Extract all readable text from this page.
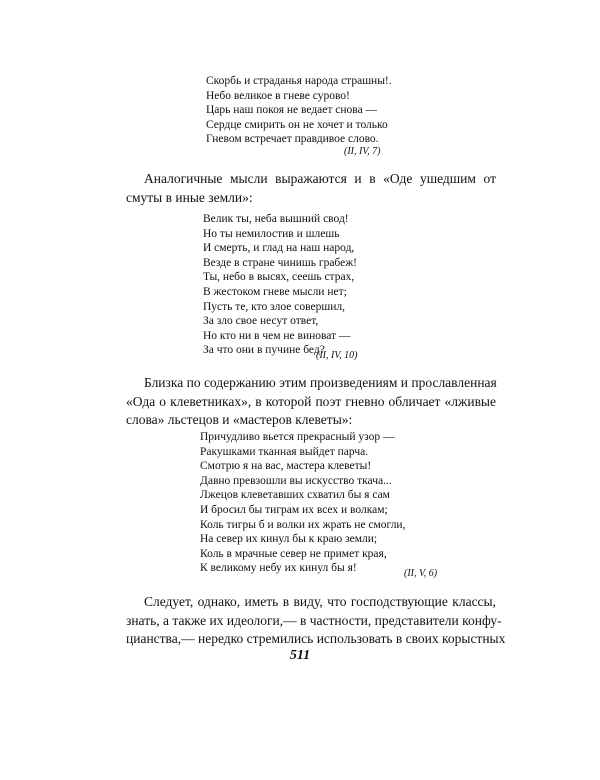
Скорбь и страданья народа страшны!.
Небо великое в гневе сурово!
Царь наш покоя не ведает снова —
Сердце смирить он не хочет и только
Гневом встречает правдивое слово.
(II, IV, 7)
Аналогичные мысли выражаются и в «Оде ушедшим от
смуты в иные земли»:
Велик ты, неба вышний свод!
Но ты немилостив и шлешь
И смерть, и глад на наш народ,
Везде в стране чинишь грабеж!
Ты, небо в высях, сеешь страх,
В жестоком гневе мысли нет;
Пусть те, кто злое совершил,
За зло свое несут ответ,
Но кто ни в чем не виноват —
За что они в пучине бед?
(II, IV, 10)
Близка по содержанию этим произведениям и прославленная
«Ода о клеветниках», в которой поэт гневно обличает «лживые
слова» льстецов и «мастеров клеветы»:
Причудливо вьется прекрасный узор —
Ракушками тканная выйдет парча.
Смотрю я на вас, мастера клеветы!
Давно превзошли вы искусство ткача...
Лжецов клеветавших схватил бы я сам
И бросил бы тиграм их всех и волкам;
Коль тигры б и волки их жрать не смогли,
На север их кинул бы к краю земли;
Коль в мрачные север не примет края,
К великому небу их кинул бы я!	(II, V, 6)
Следует, однако, иметь в виду, что господствующие классы,
знать, а также их идеологи,— в частности, представители конфу-
цианства,— нередко стремились использовать в своих корыстных
511
